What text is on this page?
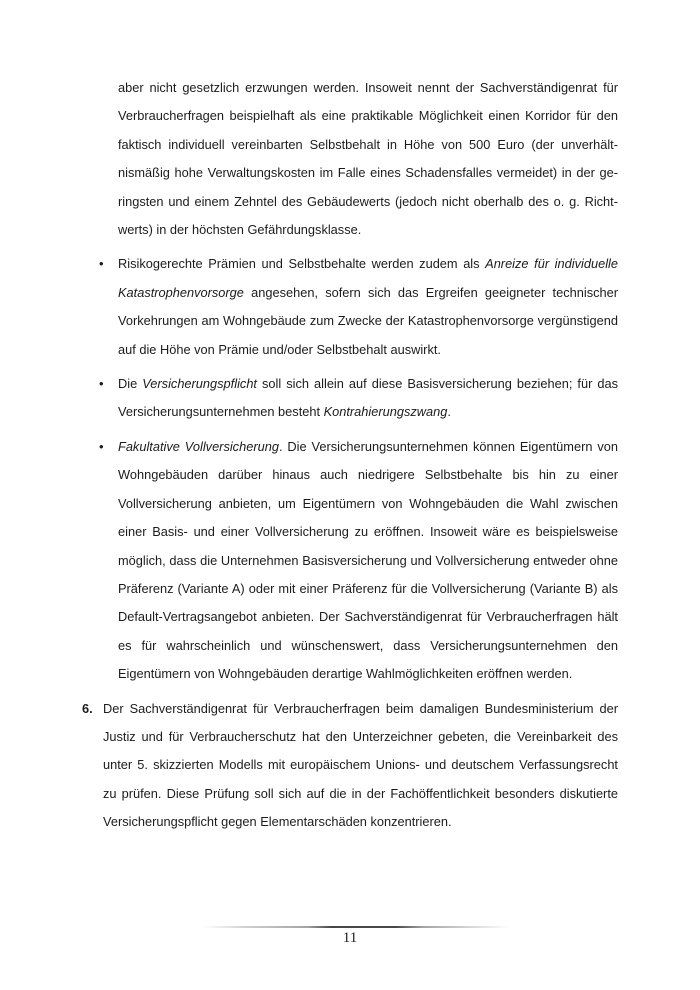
aber nicht gesetzlich erzwungen werden. Insoweit nennt der Sachverständigenrat für Verbraucherfragen beispielhaft als eine praktikable Möglichkeit einen Korridor für den faktisch individuell vereinbarten Selbstbehalt in Höhe von 500 Euro (der unverhältnismäßig hohe Verwaltungskosten im Falle eines Schadensfalles vermeidet) in der geringsten und einem Zehntel des Gebäudewerts (jedoch nicht oberhalb des o. g. Richtwerts) in der höchsten Gefährdungsklasse.

•	Risikogerechte Prämien und Selbstbehalte werden zudem als Anreize für individuelle Katastrophenvorsorge angesehen, sofern sich das Ergreifen geeigneter technischer Vorkehrungen am Wohngebäude zum Zwecke der Katastrophenvorsorge vergünstigend auf die Höhe von Prämie und/oder Selbstbehalt auswirkt.
•	Die Versicherungspflicht soll sich allein auf diese Basisversicherung beziehen; für das Versicherungsunternehmen besteht Kontrahierungszwang.
•	Fakultative Vollversicherung. Die Versicherungsunternehmen können Eigentümern von Wohngebäuden darüber hinaus auch niedrigere Selbstbehalte bis hin zu einer Vollversicherung anbieten, um Eigentümern von Wohngebäuden die Wahl zwischen einer Basis- und einer Vollversicherung zu eröffnen. Insoweit wäre es beispielsweise möglich, dass die Unternehmen Basisversicherung und Vollversicherung entweder ohne Präferenz (Variante A) oder mit einer Präferenz für die Vollversicherung (Variante B) als Default-Vertragsangebot anbieten. Der Sachverständigenrat für Verbraucherfragen hält es für wahrscheinlich und wünschenswert, dass Versicherungsunternehmen den Eigentümern von Wohngebäuden derartige Wahlmöglichkeiten eröffnen werden.
6. Der Sachverständigenrat für Verbraucherfragen beim damaligen Bundesministerium der Justiz und für Verbraucherschutz hat den Unterzeichner gebeten, die Vereinbarkeit des unter 5. skizzierten Modells mit europäischem Unions- und deutschem Verfassungsrecht zu prüfen. Diese Prüfung soll sich auf die in der Fachöffentlichkeit besonders diskutierte Versicherungspflicht gegen Elementarschäden konzentrieren.
11
